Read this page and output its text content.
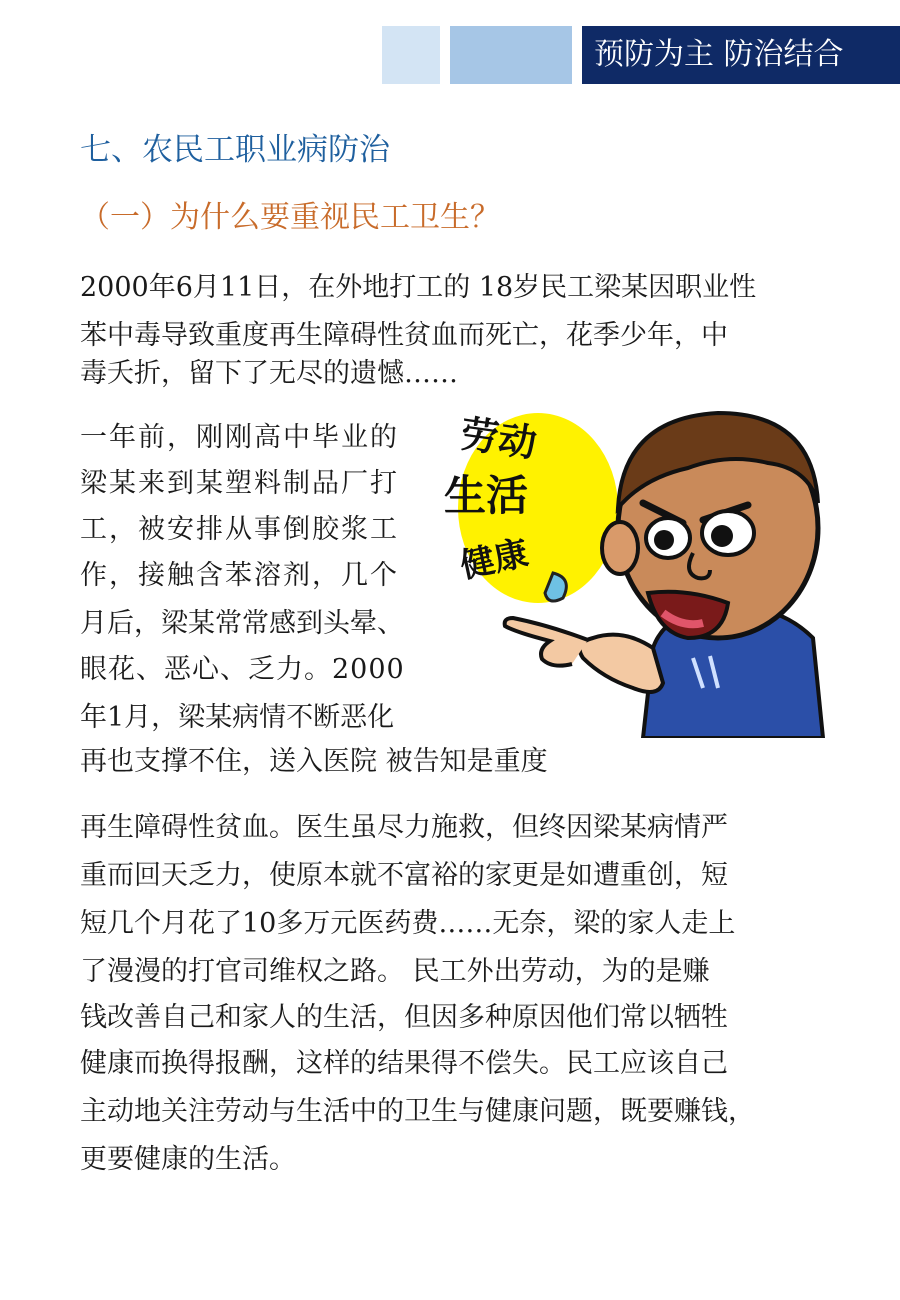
预防为主 防治结合
七、农民工职业病防治
（一）为什么要重视民工卫生？
2000年6月11日，在外地打工的 18岁民工梁某因职业性
苯中毒导致重度再生障碍性贫血而死亡，花季少年，中
毒夭折，留下了无尽的遗憾……
一年前，刚刚高中毕业的
梁某来到某塑料制品厂打
工，被安排从事倒胶浆工
作，接触含苯溶剂，几个
月后，梁某常常感到头晕、
眼花、恶心、乏力。2000
年1月，梁某病情不断恶化
再也支撑不住，送入医院 被告知是重度
再生障碍性贫血。医生虽尽力施救，但终因梁某病情严
重而回天乏力，使原本就不富裕的家更是如遭重创，短
短几个月花了10多万元医药费……无奈，梁的家人走上
了漫漫的打官司维权之路。 民工外出劳动，为的是赚
钱改善自己和家人的生活，但因多种原因他们常以牺牲
健康而换得报酬，这样的结果得不偿失。民工应该自己
主动地关注劳动与生活中的卫生与健康问题，既要赚钱，
更要健康的生活。
劳动
生活
健康
